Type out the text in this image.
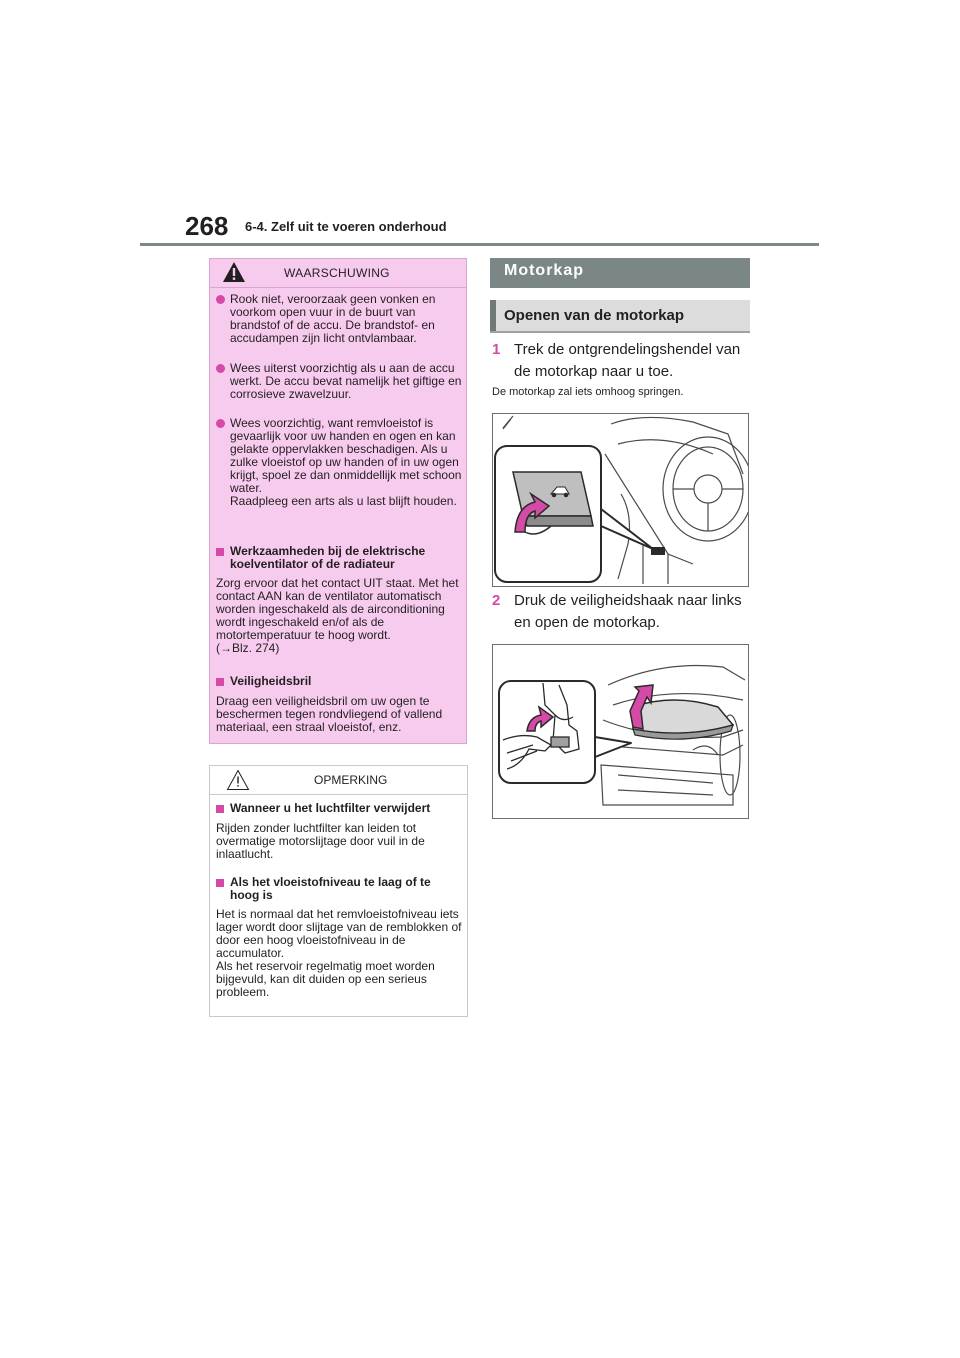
268 6-4. Zelf uit te voeren onderhoud
WAARSCHUWING
Rook niet, veroorzaak geen vonken en voorkom open vuur in de buurt van brandstof of de accu. De brandstof- en accudampen zijn licht ontvlambaar.
Wees uiterst voorzichtig als u aan de accu werkt. De accu bevat namelijk het giftige en corrosieve zwavelzuur.
Wees voorzichtig, want remvloeistof is gevaarlijk voor uw handen en ogen en kan gelakte oppervlakken beschadigen. Als u zulke vloeistof op uw handen of in uw ogen krijgt, spoel ze dan onmiddellijk met schoon water.
Raadpleeg een arts als u last blijft houden.
Werkzaamheden bij de elektrische koelventilator of de radiateur
Zorg ervoor dat het contact UIT staat. Met het contact AAN kan de ventilator automatisch worden ingeschakeld als de airconditioning wordt ingeschakeld en/of als de motortemperatuur te hoog wordt.
(→Blz. 274)
Veiligheidsbril
Draag een veiligheidsbril om uw ogen te beschermen tegen rondvliegend of vallend materiaal, een straal vloeistof, enz.
OPMERKING
Wanneer u het luchtfilter verwijdert
Rijden zonder luchtfilter kan leiden tot overmatige motorslijtage door vuil in de inlaatlucht.
Als het vloeistofniveau te laag of te hoog is
Het is normaal dat het remvloeistofniveau iets lager wordt door slijtage van de remblokken of door een hoog vloeistofniveau in de accumulator.
Als het reservoir regelmatig moet worden bijgevuld, kan dit duiden op een serieus probleem.
Motorkap
Openen van de motorkap
1 Trek de ontgrendelingshendel van de motorkap naar u toe.
De motorkap zal iets omhoog springen.
2 Druk de veiligheidshaak naar links en open de motorkap.
